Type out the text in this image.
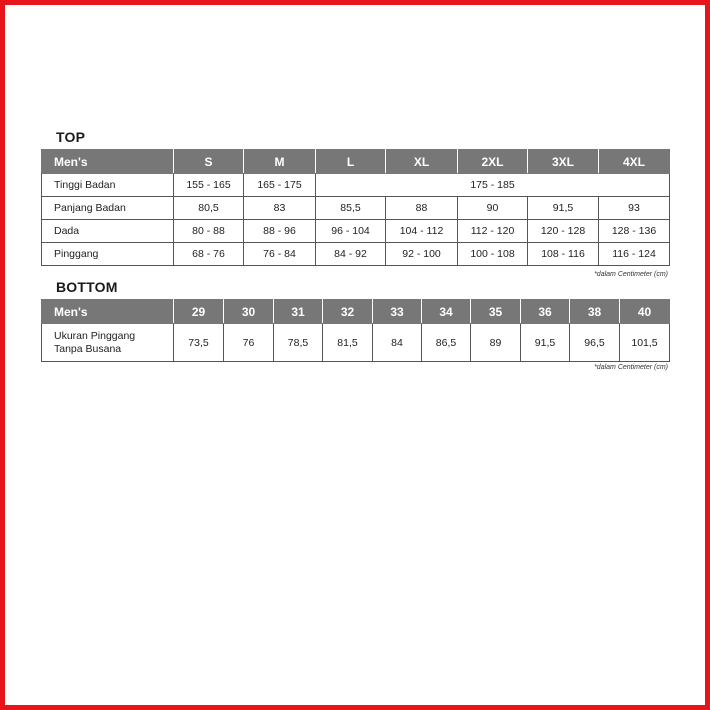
TOP
Men's	S	M	L	XL	2XL	3XL	4XL
Tinggi Badan	155 - 165	165 - 175	175 - 185				
Panjang Badan	80,5	83	85,5	88	90	91,5	93
Dada	80 - 88	88 - 96	96 - 104	104 - 112	112 - 120	120 - 128	128 - 136
Pinggang	68 - 76	76 - 84	84 - 92	92 - 100	100 - 108	108 - 116	116 - 124
*dalam Centimeter (cm)
BOTTOM
Men's	29	30	31	32	33	34	35	36	38	40
Ukuran Pinggang
Tanpa Busana	73,5	76	78,5	81,5	84	86,5	89	91,5	96,5	101,5
*dalam Centimeter (cm)
